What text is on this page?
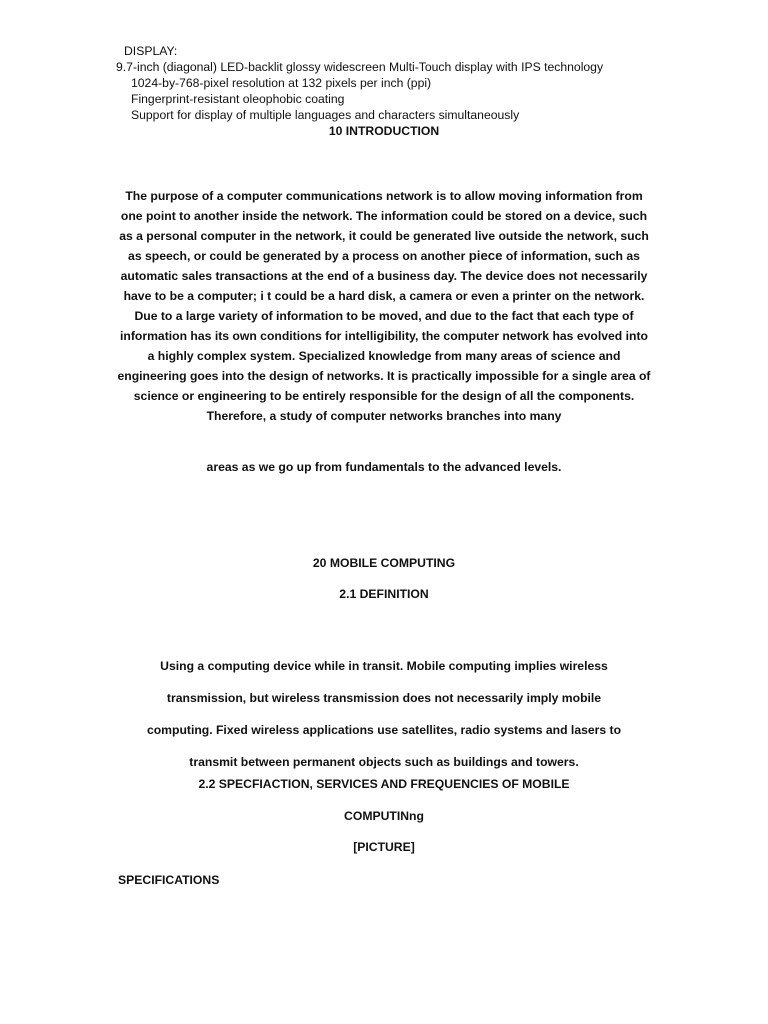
DISPLAY:
9.7-inch (diagonal) LED-backlit glossy widescreen Multi-Touch display with IPS technology
1024-by-768-pixel resolution at 132 pixels per inch (ppi)
Fingerprint-resistant oleophobic coating
Support for display of multiple languages and characters simultaneously
10 INTRODUCTION
The purpose of a computer communications network is to allow moving information from one point to another inside the network. The information could be stored on a device, such as a personal computer in the network, it could be generated live outside the network, such as speech, or could be generated by a process on another piece of information, such as automatic sales transactions at the end of a business day. The device does not necessarily have to be a computer; i t could be a hard disk, a camera or even a printer on the network. Due to a large variety of information to be moved, and due to the fact that each type of information has its own conditions for intelligibility, the computer network has evolved into a highly complex system. Specialized knowledge from many areas of science and engineering goes into the design of networks. It is practically impossible for a single area of science or engineering to be entirely responsible for the design of all the components. Therefore, a study of computer networks branches into many
areas as we go up from fundamentals to the advanced levels.
20 MOBILE COMPUTING
2.1 DEFINITION
Using a computing device while in transit. Mobile computing implies wireless
transmission, but wireless transmission does not necessarily imply mobile
computing. Fixed wireless applications use satellites, radio systems and lasers to
transmit between permanent objects such as buildings and towers.
2.2 SPECFIACTION, SERVICES AND FREQUENCIES OF MOBILE
COMPUTINng
[PICTURE]
SPECIFICATIONS
